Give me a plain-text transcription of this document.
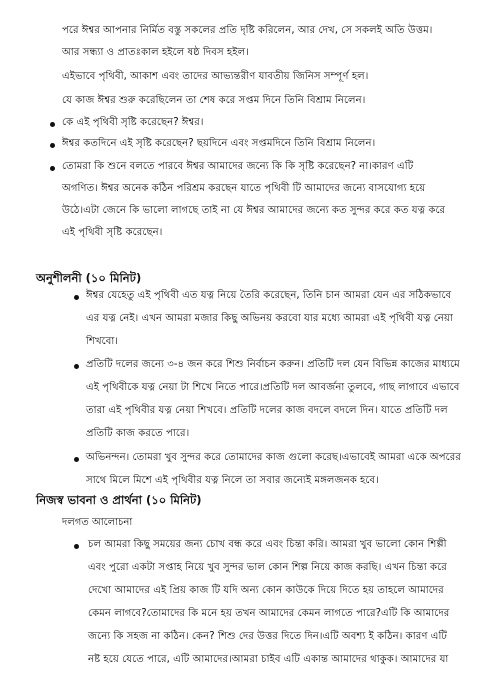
পরে ঈশ্বর আপনার নির্মিত বস্তু সকলের প্রতি দৃষ্টি করিলেন, আর দেখ, সে সকলই অতি উত্তম।
আর সন্ধ্যা ও প্রাতঃকাল হইলে ষষ্ঠ দিবস হইল।
এইভাবে পৃথিবী, আকাশ এবং তাদের আভ্যন্তরীণ যাবতীয় জিনিস সম্পূর্ণ হল।
যে কাজ ঈশ্বর শুরু করেছিলেন তা শেষ করে সপ্তম দিনে তিনি বিশ্রাম নিলেন।
কে এই পৃথিবী সৃষ্টি করেছেন? ঈশ্বর।
ঈশ্বর কতদিনে এই সৃষ্টি করেছেন? ছয়দিনে এবং সপ্তমদিনে তিনি বিশ্রাম নিলেন।
তোমরা কি শুনে বলতে পারবে ঈশ্বর আমাদের জন্যে কি কি সৃষ্টি করেছেন? না।কারণ এটি
অগণিত। ঈশ্বর অনেক কঠিন পরিশ্রম করছেন যাতে পৃথিবী টি আমাদের জন্যে বাসযোগ্য হয়ে
উঠে।এটা জেনে কি ভালো লাগছে তাই না যে ঈশ্বর আমাদের জন্যে কত সুন্দর করে কত যত্ন করে
এই পৃথিবী সৃষ্টি করেছেন।
অনুশীলনী (১০ মিনিট)
ঈশ্বর যেহেতু এই পৃথিবী এত যত্ন নিয়ে তৈরি করেছেন, তিনি চান আমরা যেন এর সঠিকভাবে
এর যত্ন নেই। এখন আমরা মজার কিছু অভিনয় করবো যার মধ্যে আমরা এই পৃথিবী যত্ন নেয়া
শিখবো।
প্রতিটি দলের জন্যে ৩-৪ জন করে শিশু নির্বাচন করুন। প্রতিটি দল যেন বিভিন্ন কাজের মাধ্যমে
এই পৃথিবীকে যত্ন নেয়া টা শিখে নিতে পারে।প্রতিটি দল আবর্জনা তুলবে, গাছ লাগাবে এভাবে
তারা এই পৃথিবীর যত্ন নেয়া শিখবে। প্রতিটি দলের কাজ বদলে বদলে দিন। যাতে প্রতিটি দল
প্রতিটি কাজ করতে পারে।
অভিনন্দন। তোমরা খুব সুন্দর করে তোমাদের কাজ গুলো করেছ।এভাবেই আমরা একে অপরের
সাথে মিলে মিশে এই পৃথিবীর যত্ন নিলে তা সবার জন্যেই মঙ্গলজনক হবে।
নিজস্ব ভাবনা ও প্রার্থনা (১০ মিনিট)
দলগত আলোচনা
চল আমরা কিছু সময়ের জন্য চোখ বন্ধ করে এবং চিন্তা করি। আমরা খুব ভালো কোন শিল্পী
এবং পুরো একটা সপ্তাহ নিয়ে খুব সুন্দর ভাল কোন শিল্প নিয়ে কাজ করছি। এখন চিন্তা করে
দেখো আমাদের এই প্রিয় কাজ টি যদি অন্য কোন কাউকে দিয়ে দিতে হয় তাহলে আমাদের
কেমন লাগবে?তোমাদের কি মনে হয় তখন আমাদের কেমন লাগতে পারে?এটি কি আমাদের
জন্যে কি সহজ না কঠিন। কেন? শিশু দের উত্তর দিতে দিন।এটি অবশ্য ই কঠিন। কারণ এটি
নষ্ট হয়ে যেতে পারে, এটি আমাদের।আমরা চাইব এটি একান্ত আমাদের থাকুক। আমাদের যা
